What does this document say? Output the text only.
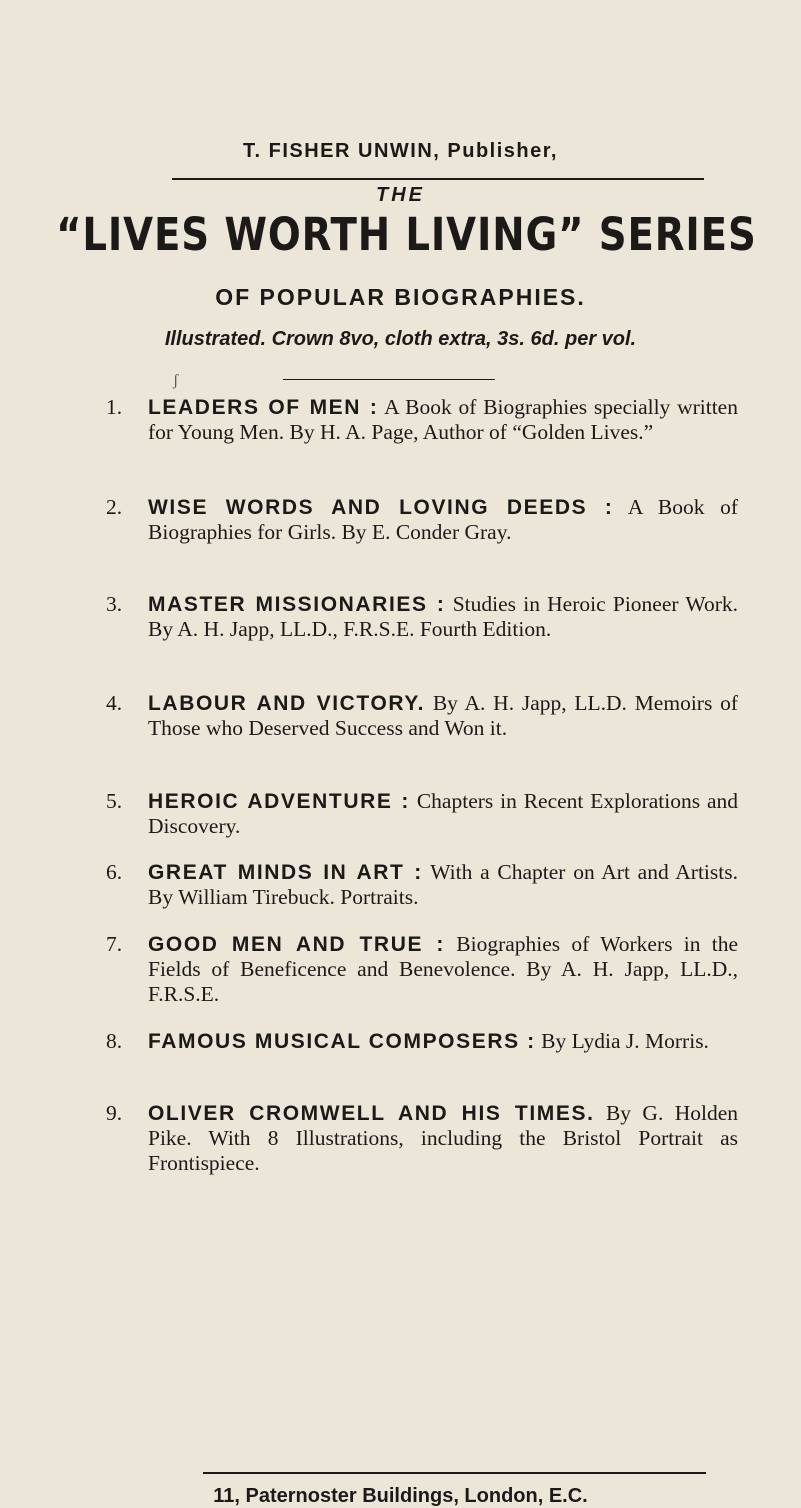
T. FISHER UNWIN, Publisher,
THE
“LIVES WORTH LIVING” SERIES
OF POPULAR BIOGRAPHIES.
Illustrated. Crown 8vo, cloth extra, 3s. 6d. per vol.
ʃ
1. LEADERS OF MEN : A Book of Biographies specially written for Young Men. By H. A. Page, Author of “Golden Lives.”
2. WISE WORDS AND LOVING DEEDS : A Book of Biographies for Girls. By E. Conder Gray.
3. MASTER MISSIONARIES : Studies in Heroic Pioneer Work. By A. H. Japp, LL.D., F.R.S.E. Fourth Edition.
4. LABOUR AND VICTORY. By A. H. Japp, LL.D. Memoirs of Those who Deserved Success and Won it.
5. HEROIC ADVENTURE : Chapters in Recent Explorations and Discovery.
6. GREAT MINDS IN ART : With a Chapter on Art and Artists. By William Tirebuck. Portraits.
7. GOOD MEN AND TRUE : Biographies of Workers in the Fields of Beneficence and Benevolence. By A. H. Japp, LL.D., F.R.S.E.
8. FAMOUS MUSICAL COMPOSERS : By Lydia J. Morris.
9. OLIVER CROMWELL AND HIS TIMES. By G. Holden Pike. With 8 Illustrations, including the Bristol Portrait as Frontispiece.
11, Paternoster Buildings, London, E.C.
